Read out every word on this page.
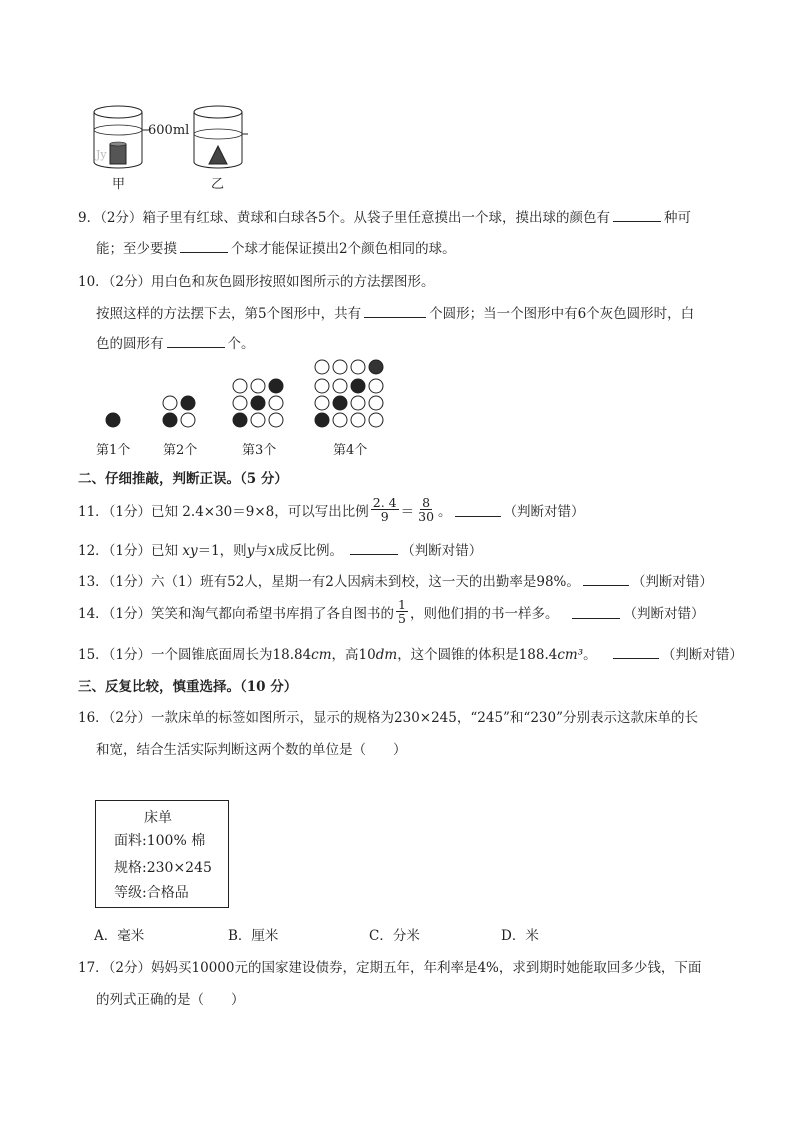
Jy
600ml
甲	乙
9．（2分）箱子里有红球、黄球和白球各5个。从袋子里任意摸出一个球，摸出球的颜色有	种可
能；至少要摸	个球才能保证摸出2个颜色相同的球。
10．（2分）用白色和灰色圆形按照如图所示的方法摆图形。
按照这样的方法摆下去，第5个图形中，共有	个圆形；当一个图形中有6个灰色圆形时，白
色的圆形有	个。
第1个	第2个	第3个	第4个
二、仔细推敲，判断正误。（5 分）
11．（1分）已知 2.4×30＝9×8，可以写出比例 $\frac{2. 4}{9} = \frac{8}{30}$ 。	（判断对错）
12．（1分）已知 xy＝1，则y与x成反比例。	（判断对错）
13．（1分）六（1）班有52人，星期一有2人因病未到校，这一天的出勤率是98%。	（判断对错）
14．（1分）笑笑和淘气都向希望书库捐了各自图书的 $\frac{1}{5}$ ，则他们捐的书一样多。	（判断对错）
15．（1分）一个圆锥底面周长为18.84cm，高10dm，这个圆锥的体积是188.4cm³。	（判断对错）
三、反复比较，慎重选择。（10 分）
16．（2分）一款床单的标签如图所示，显示的规格为230×245，“245”和“230”分别表示这款床单的长
和宽，结合生活实际判断这两个数的单位是（　　）
床单
面料:100% 棉
规格:230×245
等级:合格品
A．毫米	B．厘米	C．分米	D．米
17．（2分）妈妈买10000元的国家建设债券，定期五年，年利率是4%，求到期时她能取回多少钱，下面
的列式正确的是（　　）
